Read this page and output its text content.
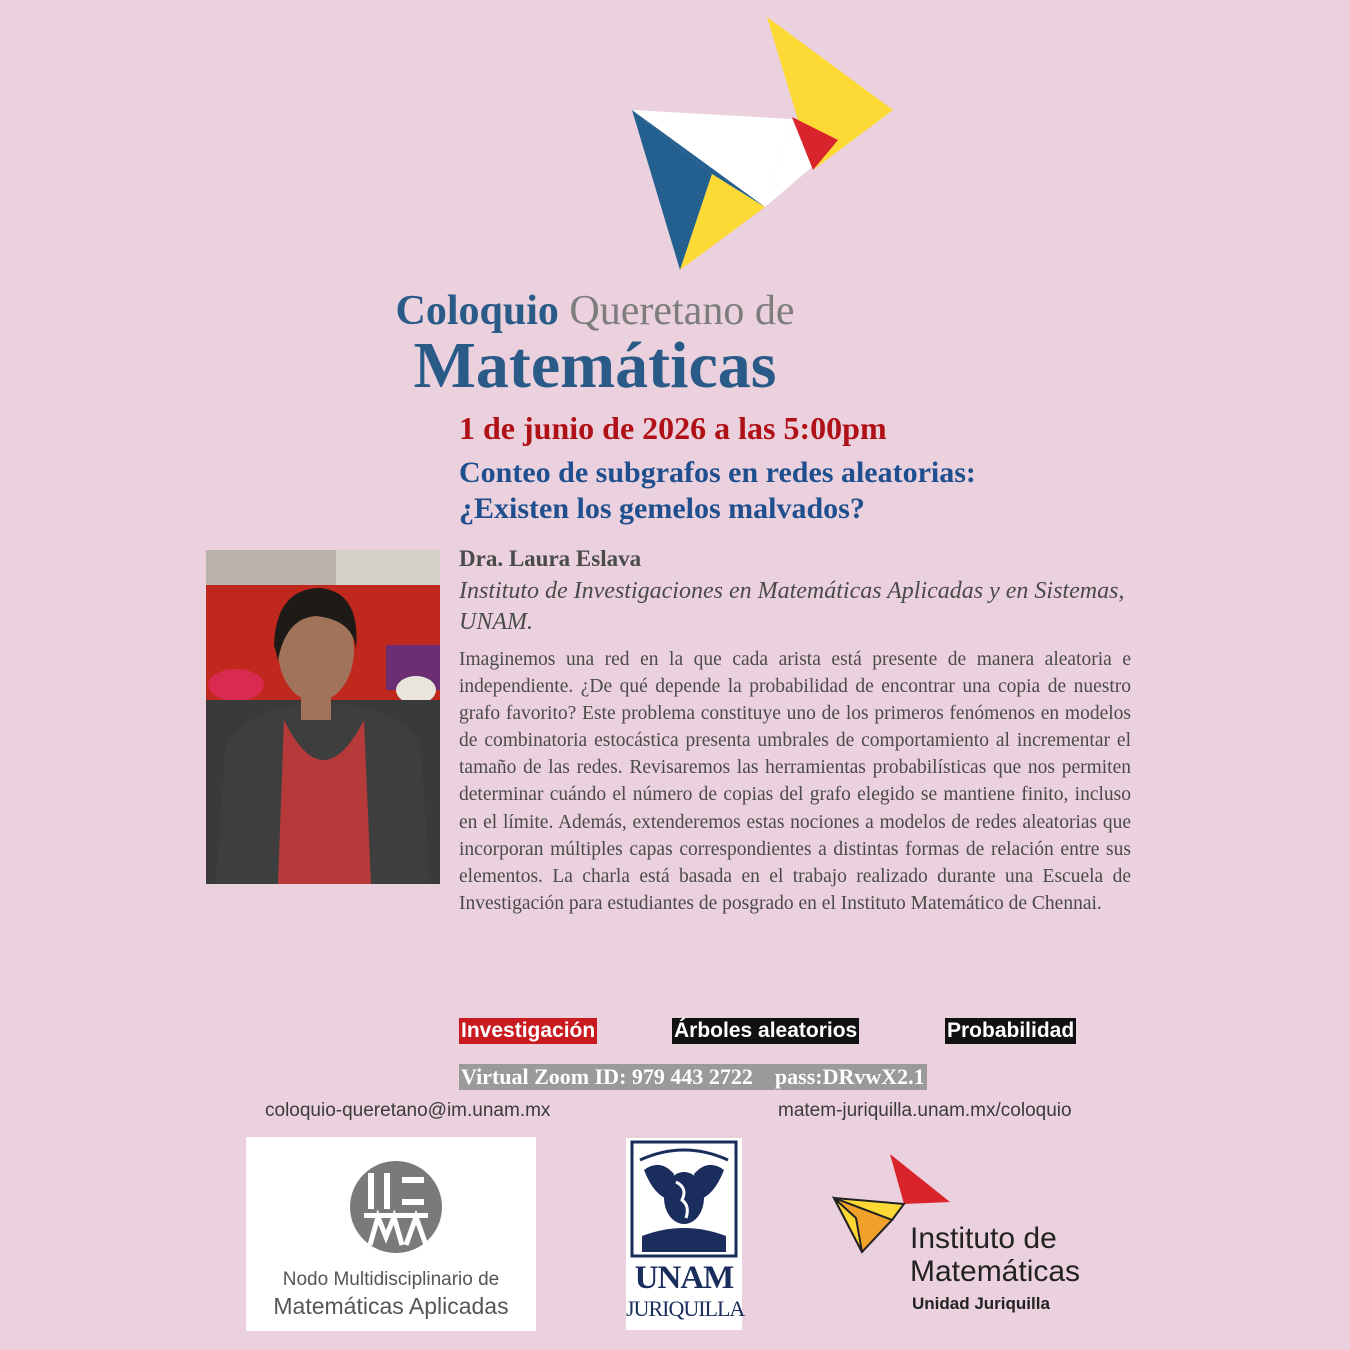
Coloquio Queretano de
Matemáticas
1 de junio de 2026 a las 5:00pm
Conteo de subgrafos en redes aleatorias:
¿Existen los gemelos malvados?
Dra. Laura Eslava
Instituto de Investigaciones en Matemáticas Aplicadas y en Sistemas, UNAM.
Imaginemos una red en la que cada arista está presente de manera aleatoria e independiente. ¿De qué depende la probabilidad de encontrar una copia de nuestro grafo favorito? Este problema constituye uno de los primeros fenómenos en modelos de combinatoria estocástica presenta umbrales de comportamiento al incrementar el tamaño de las redes. Revisaremos las herramientas probabilísticas que nos permiten determinar cuándo el número de copias del grafo elegido se mantiene finito, incluso en el límite. Además, extenderemos estas nociones a modelos de redes aleatorias que incorporan múltiples capas correspondientes a distintas formas de relación entre sus elementos. La charla está basada en el trabajo realizado durante una Escuela de Investigación para estudiantes de posgrado en el Instituto Matemático de Chennai.
Investigación	Árboles aleatorios	Probabilidad
Virtual Zoom ID: 979 443 2722    pass:DRvwX2.1
coloquio-queretano@im.unam.mx	matem-juriquilla.unam.mx/coloquio
Nodo Multidisciplinario de
Matemáticas Aplicadas
UNAM
JURIQUILLA
Instituto de
Matemáticas
Unidad Juriquilla
